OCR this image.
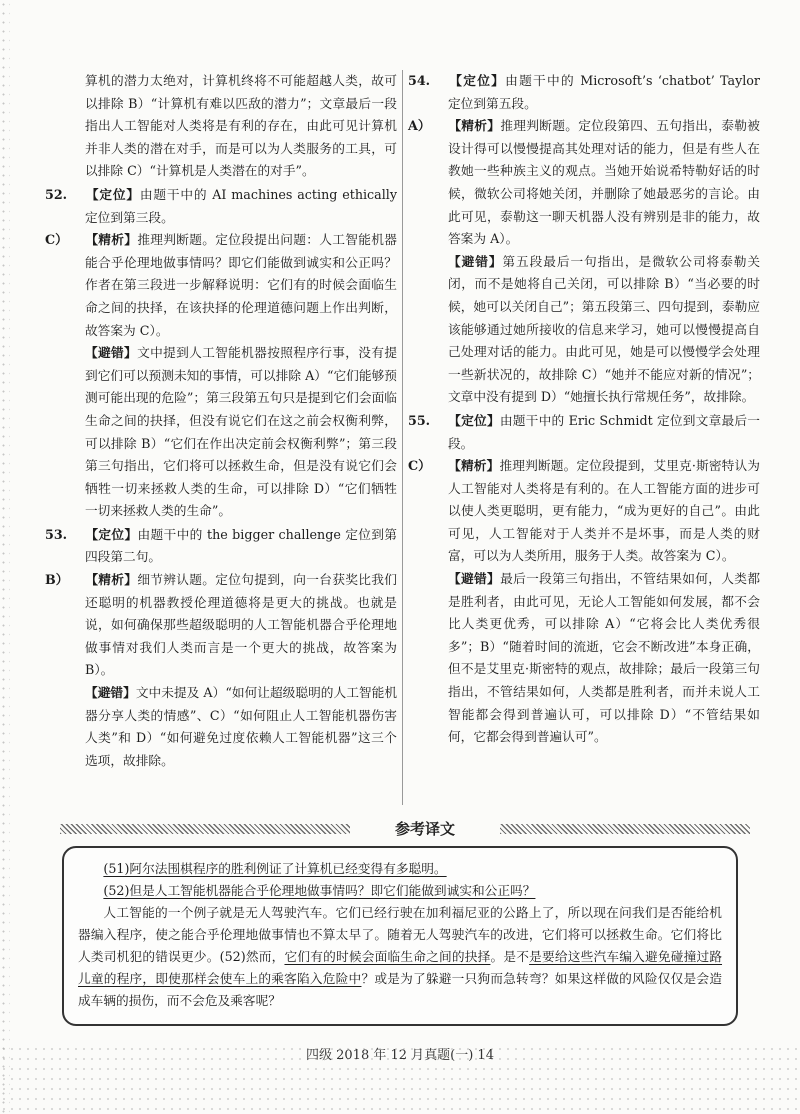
算机的潜力太绝对，计算机终将不可能超越人类，故可以排除 B）“计算机有难以匹敌的潜力”；文章最后一段指出人工智能对人类将是有利的存在，由此可见计算机并非人类的潜在对手，而是可以为人类服务的工具，可以排除 C）“计算机是人类潜在的对手”。
52. 【定位】由题干中的 AI machines acting ethically 定位到第三段。
C） 【精析】推理判断题。定位段提出问题：人工智能机器能合乎伦理地做事情吗？即它们能做到诚实和公正吗？作者在第三段进一步解释说明：它们有的时候会面临生命之间的抉择，在该抉择的伦理道德问题上作出判断，故答案为 C）。
【避错】文中提到人工智能机器按照程序行事，没有提到它们可以预测未知的事情，可以排除 A）“它们能够预测可能出现的危险”；第三段第五句只是提到它们会面临生命之间的抉择，但没有说它们在这之前会权衡利弊，可以排除 B）“它们在作出决定前会权衡利弊”；第三段第三句指出，它们将可以拯救生命，但是没有说它们会牺牲一切来拯救人类的生命，可以排除 D）“它们牺牲一切来拯救人类的生命”。
53. 【定位】由题干中的 the bigger challenge 定位到第四段第二句。
B） 【精析】细节辨认题。定位句提到，向一台获奖比我们还聪明的机器教授伦理道德将是更大的挑战。也就是说，如何确保那些超级聪明的人工智能机器合乎伦理地做事情对我们人类而言是一个更大的挑战，故答案为 B）。
【避错】文中未提及 A）“如何让超级聪明的人工智能机器分享人类的情感”、C）“如何阻止人工智能机器伤害人类”和 D）“如何避免过度依赖人工智能机器”这三个选项，故排除。
54. 【定位】由题干中的 Microsoft’s ‘chatbot’ Taylor 定位到第五段。
A） 【精析】推理判断题。定位段第四、五句指出，泰勒被设计得可以慢慢提高其处理对话的能力，但是有些人在教她一些种族主义的观点。当她开始说希特勒好话的时候，微软公司将她关闭，并删除了她最恶劣的言论。由此可见，泰勒这一聊天机器人没有辨别是非的能力，故答案为 A）。
【避错】第五段最后一句指出，是微软公司将泰勒关闭，而不是她将自己关闭，可以排除 B）“当必要的时候，她可以关闭自己”；第五段第三、四句提到，泰勒应该能够通过她所接收的信息来学习，她可以慢慢提高自己处理对话的能力。由此可见，她是可以慢慢学会处理一些新状况的，故排除 C）“她并不能应对新的情况”；文章中没有提到 D）“她擅长执行常规任务”，故排除。
55. 【定位】由题干中的 Eric Schmidt 定位到文章最后一段。
C） 【精析】推理判断题。定位段提到，艾里克·斯密特认为人工智能对人类将是有利的。在人工智能方面的进步可以使人类更聪明，更有能力，“成为更好的自己”。由此可见，人工智能对于人类并不是坏事，而是人类的财富，可以为人类所用，服务于人类。故答案为 C）。
【避错】最后一段第三句指出，不管结果如何，人类都是胜利者，由此可见，无论人工智能如何发展，都不会比人类更优秀，可以排除 A）“它将会比人类优秀很多”；B）“随着时间的流逝，它会不断改进”本身正确，但不是艾里克·斯密特的观点，故排除；最后一段第三句指出，不管结果如何，人类都是胜利者，而并未说人工智能都会得到普遍认可，可以排除 D）“不管结果如何，它都会得到普遍认可”。
参考译文

(51)阿尔法围棋程序的胜利例证了计算机已经变得有多聪明。

(52)但是人工智能机器能合乎伦理地做事情吗？即它们能做到诚实和公正吗？

人工智能的一个例子就是无人驾驶汽车。它们已经行驶在加利福尼亚的公路上了，所以现在问我们是否能给机器编入程序，使之能合乎伦理地做事情也不算太早了。随着无人驾驶汽车的改进，它们将可以拯救生命。它们将比人类司机犯的错误更少。(52)然而，它们有的时候会面临生命之间的抉择。是不是要给这些汽车编入避免碰撞过路儿童的程序，即使那样会使车上的乘客陷入危险中？或是为了躲避一只狗而急转弯？如果这样做的风险仅仅是会造成车辆的损伤，而不会危及乘客呢？

四级 2018 年 12 月真题(一) 14
